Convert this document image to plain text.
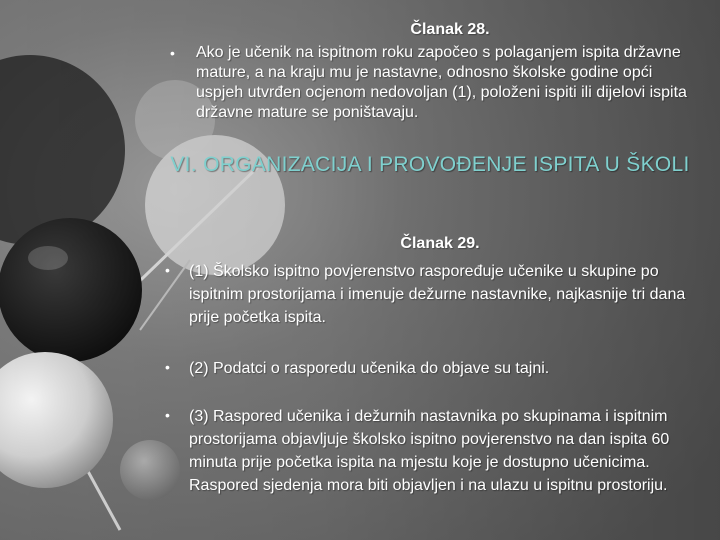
Članak 28.
•	Ako je učenik na ispitnom roku započeo s polaganjem ispita državne mature, a na kraju mu je nastavne, odnosno školske godine opći uspjeh utvrđen ocjenom nedovoljan (1), položeni ispiti ili dijelovi ispita državne mature se poništavaju.
VI. ORGANIZACIJA I PROVOĐENJE ISPITA U ŠKOLI
Članak 29.
•	(1) Školsko ispitno povjerenstvo raspoređuje učenike u skupine po ispitnim prostorijama i imenuje dežurne nastavnike, najkasnije tri dana prije početka ispita.
•	(2) Podatci o rasporedu učenika do objave su tajni.
•	(3) Raspored učenika i dežurnih nastavnika po skupinama i ispitnim prostorijama objavljuje školsko ispitno povjerenstvo na dan ispita 60 minuta prije početka ispita na mjestu koje je dostupno učenicima. Raspored sjedenja mora biti objavljen i na ulazu u ispitnu prostoriju.
